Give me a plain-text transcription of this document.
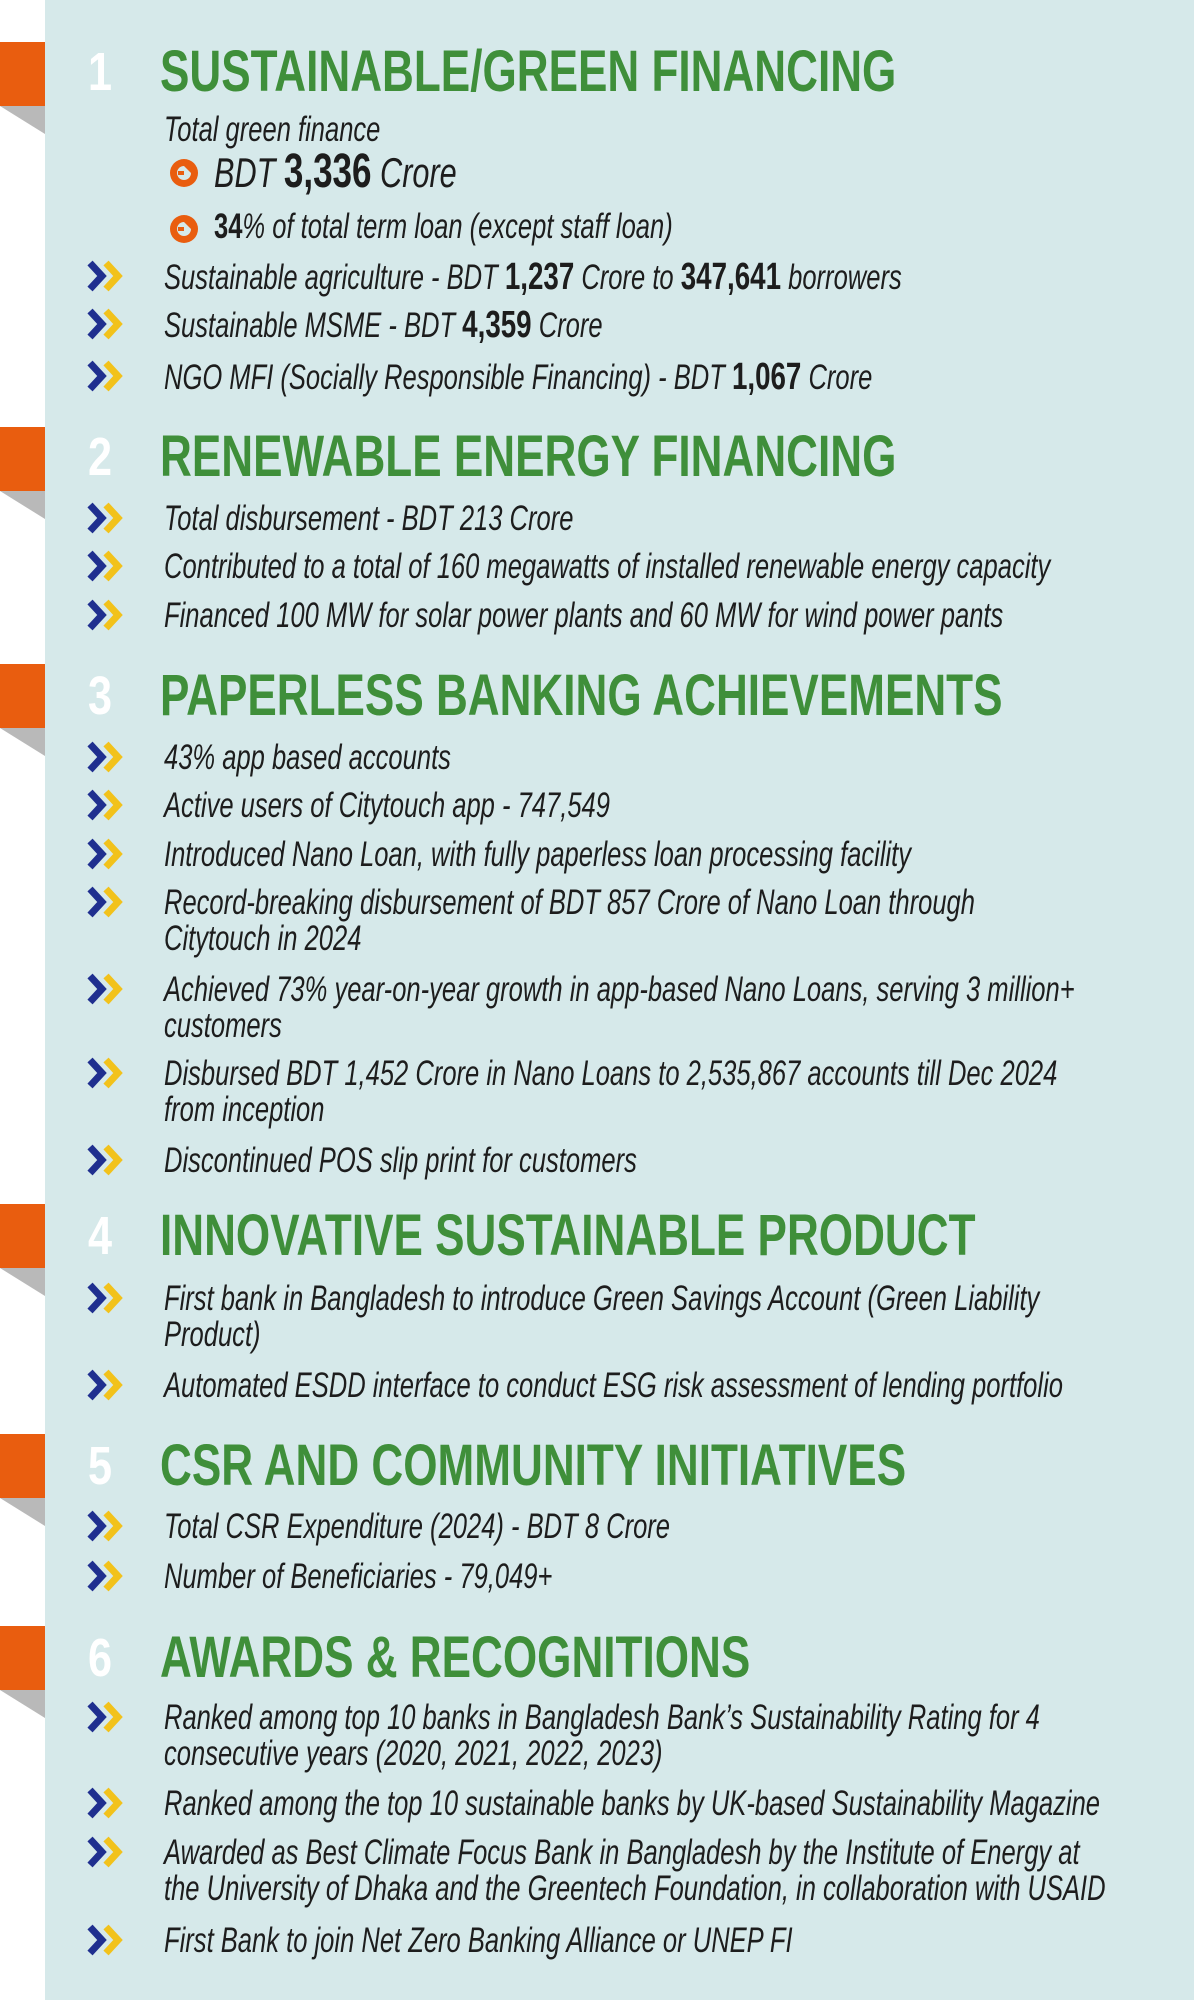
1 SUSTAINABLE/GREEN FINANCING
Total green finance
BDT 3,336 Crore
34% of total term loan (except staff loan)
Sustainable agriculture - BDT 1,237 Crore to 347,641 borrowers
Sustainable MSME - BDT 4,359 Crore
NGO MFI (Socially Responsible Financing) - BDT 1,067 Crore
2 RENEWABLE ENERGY FINANCING
Total disbursement - BDT 213 Crore
Contributed to a total of 160 megawatts of installed renewable energy capacity
Financed 100 MW for solar power plants and 60 MW for wind power pants
3 PAPERLESS BANKING ACHIEVEMENTS
43% app based accounts
Active users of Citytouch app - 747,549
Introduced Nano Loan, with fully paperless loan processing facility
Record-breaking disbursement of BDT 857 Crore of Nano Loan through
Citytouch in 2024
Achieved 73% year-on-year growth in app-based Nano Loans, serving 3 million+
customers
Disbursed BDT 1,452 Crore in Nano Loans to 2,535,867 accounts till Dec 2024
from inception
Discontinued POS slip print for customers
4 INNOVATIVE SUSTAINABLE PRODUCT
First bank in Bangladesh to introduce Green Savings Account (Green Liability
Product)
Automated ESDD interface to conduct ESG risk assessment of lending portfolio
5 CSR AND COMMUNITY INITIATIVES
Total CSR Expenditure (2024) - BDT 8 Crore
Number of Beneficiaries - 79,049+
6 AWARDS & RECOGNITIONS
Ranked among top 10 banks in Bangladesh Bank’s Sustainability Rating for 4
consecutive years (2020, 2021, 2022, 2023)
Ranked among the top 10 sustainable banks by UK-based Sustainability Magazine
Awarded as Best Climate Focus Bank in Bangladesh by the Institute of Energy at
the University of Dhaka and the Greentech Foundation, in collaboration with USAID
First Bank to join Net Zero Banking Alliance or UNEP FI
